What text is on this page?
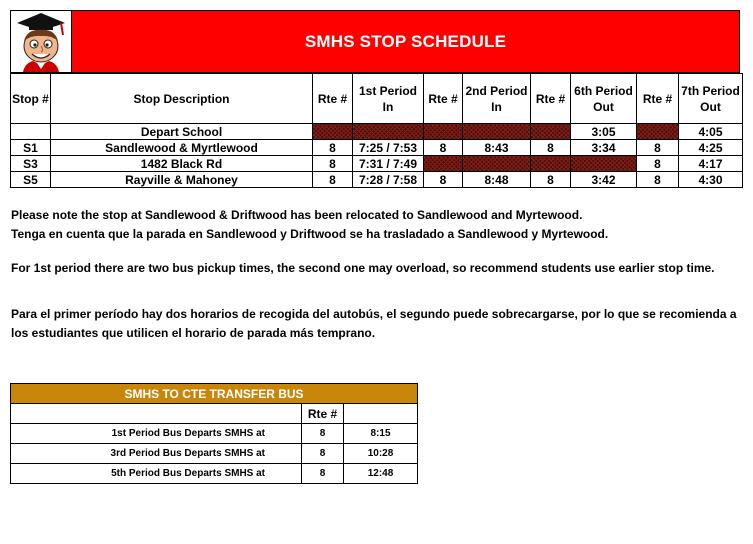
SMHS STOP SCHEDULE
Stop #	Stop Description	Rte #	1st Period In	Rte #	2nd Period In	Rte #	6th Period Out	Rte #	7th Period Out
	Depart School						3:05		4:05
S1	Sandlewood & Myrtlewood	8	7:25 / 7:53	8	8:43	8	3:34	8	4:25
S3	1482 Black Rd	8	7:31 / 7:49					8	4:17
S5	Rayville & Mahoney	8	7:28 / 7:58	8	8:48	8	3:42	8	4:30

Please note the stop at Sandlewood & Driftwood has been relocated to Sandlewood and Myrtewood.

Tenga en cuenta que la parada en Sandlewood y Driftwood se ha trasladado a Sandlewood y Myrtewood.

For 1st period there are two bus pickup times, the second one may overload, so recommend students use earlier stop time.

Para el primer período hay dos horarios de recogida del autobús, el segundo puede sobrecargarse, por lo que se recomienda a los estudiantes que utilicen el horario de parada más temprano.

SMHS TO CTE TRANSFER BUS		
	Rte #	
1st Period Bus Departs SMHS at	8	8:15
3rd Period Bus Departs SMHS at	8	10:28
5th Period Bus Departs SMHS at	8	12:48
